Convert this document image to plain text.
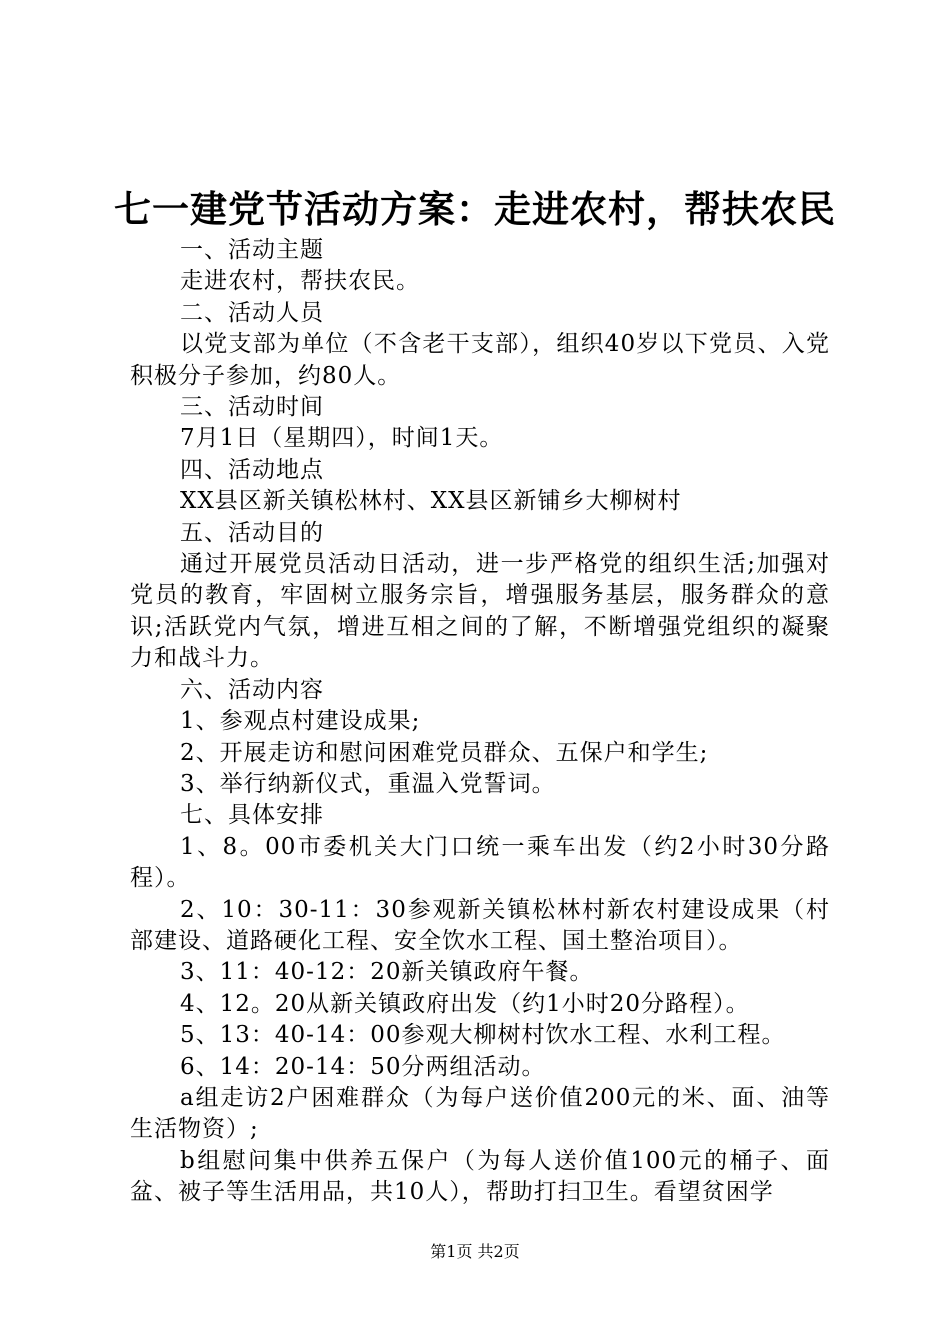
七一建党节活动方案：走进农村，帮扶农民

一、活动主题

走进农村，帮扶农民。

二、活动人员

以党支部为单位（不含老干支部），组织40岁以下党员、入党积极分子参加，约80人。

三、活动时间

7月1日（星期四），时间1天。

四、活动地点

XX县区新关镇松林村、XX县区新铺乡大柳树村

五、活动目的

通过开展党员活动日活动，进一步严格党的组织生活;加强对党员的教育，牢固树立服务宗旨，增强服务基层，服务群众的意识;活跃党内气氛，增进互相之间的了解，不断增强党组织的凝聚力和战斗力。

六、活动内容

1、参观点村建设成果;

2、开展走访和慰问困难党员群众、五保户和学生;

3、举行纳新仪式，重温入党誓词。

七、具体安排

1、8。00市委机关大门口统一乘车出发（约2小时30分路程）。

2、10：30-11：30参观新关镇松林村新农村建设成果（村部建设、道路硬化工程、安全饮水工程、国土整治项目）。

3、11：40-12：20新关镇政府午餐。

4、12。20从新关镇政府出发（约1小时20分路程）。

5、13：40-14：00参观大柳树村饮水工程、水利工程。

6、14：20-14：50分两组活动。

a组走访2户困难群众（为每户送价值200元的米、面、油等生活物资）;

b组慰问集中供养五保户（为每人送价值100元的桶子、面盆、被子等生活用品，共10人），帮助打扫卫生。看望贫困学

第1页 共2页
